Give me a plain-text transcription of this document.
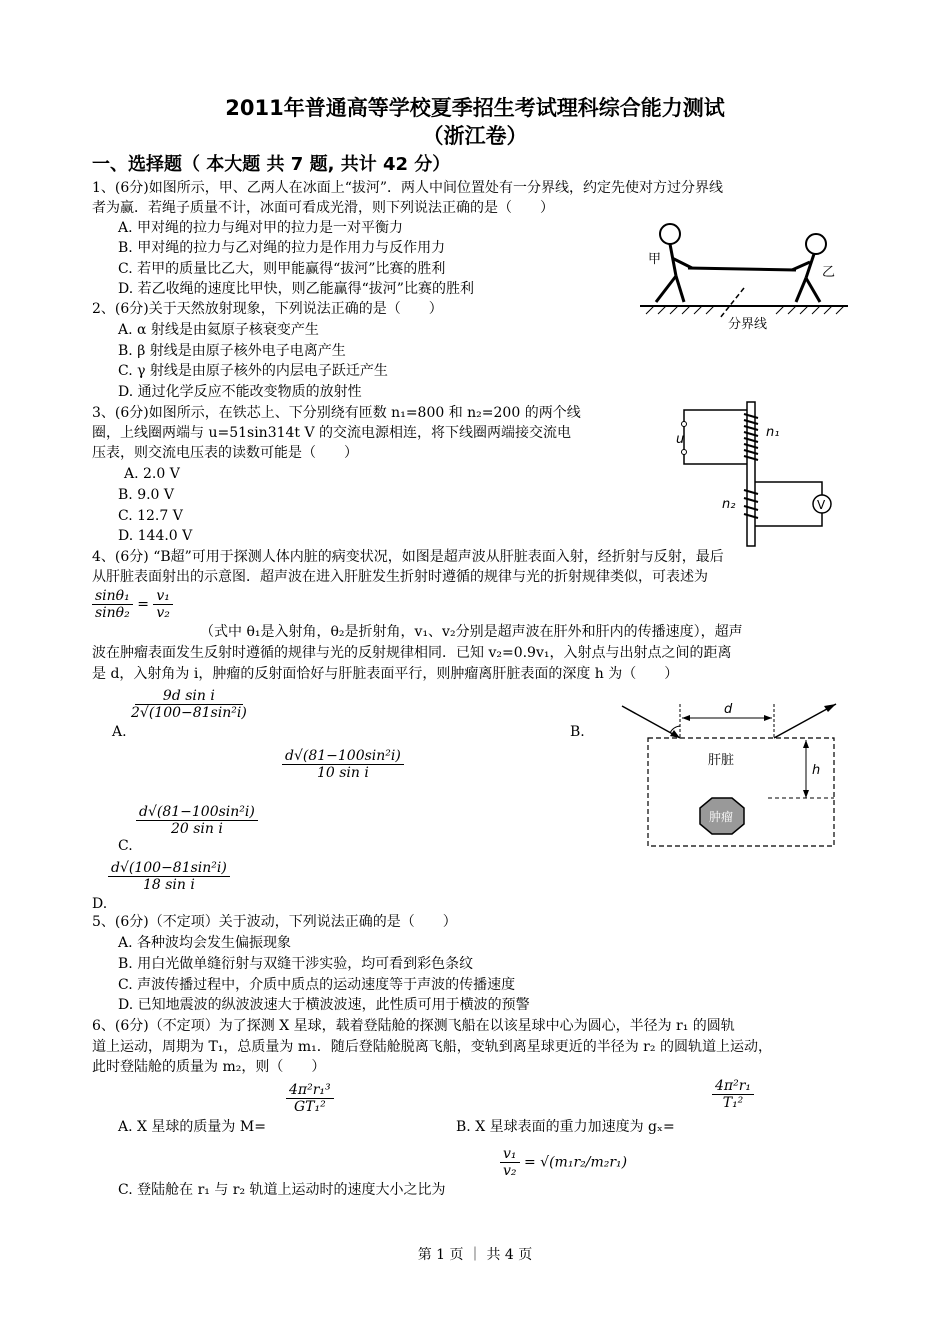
2011年普通高等学校夏季招生考试理科综合能力测试
（浙江卷）
一、选择题（ 本大题 共 7 题, 共计 42 分）
1、(6分)如图所示，甲、乙两人在冰面上“拔河”．两人中间位置处有一分界线，约定先使对方过分界线
者为赢．若绳子质量不计，冰面可看成光滑，则下列说法正确的是（　　）
A. 甲对绳的拉力与绳对甲的拉力是一对平衡力
B. 甲对绳的拉力与乙对绳的拉力是作用力与反作用力
C. 若甲的质量比乙大，则甲能赢得“拔河”比赛的胜利
D. 若乙收绳的速度比甲快，则乙能赢得“拔河”比赛的胜利
甲
乙
分界线
2、(6分)关于天然放射现象，下列说法正确的是（　　）
A. α 射线是由氦原子核衰变产生
B. β 射线是由原子核外电子电离产生
C. γ 射线是由原子核外的内层电子跃迁产生
D. 通过化学反应不能改变物质的放射性
3、(6分)如图所示，在铁芯上、下分别绕有匝数 n₁=800 和 n₂=200 的两个线
圈，上线圈两端与 u=51sin314t V 的交流电源相连，将下线圈两端接交流电
压表，则交流电压表的读数可能是（　　）
A. 2.0 V
B. 9.0 V
C. 12.7 V
D. 144.0 V
u	n₁
n₂	V
4、(6分) “B超”可用于探测人体内脏的病变状况，如图是超声波从肝脏表面入射，经折射与反射，最后
从肝脏表面射出的示意图．超声波在进入肝脏发生折射时遵循的规律与光的折射规律类似，可表述为
$\frac{\text{sinθ₁}}{\text{sinθ₂}} = \frac{\text{v₁}}{\text{v₂}}$
（式中 θ₁是入射角，θ₂是折射角，v₁、v₂分别是超声波在肝外和肝内的传播速度），超声
波在肿瘤表面发生反射时遵循的规律与光的反射规律相同．已知 v₂=0.9v₁，入射点与出射点之间的距离
是 d，入射角为 i，肿瘤的反射面恰好与肝脏表面平行，则肿瘤离肝脏表面的深度 h 为（　　）
A.
$\frac{\text{9d sin i}}{\text{2√(100−81sin²i)}}$
B.
$\frac{\text{d√(81−100sin²i)}}{\text{10 sin i}}$
C.
$\frac{\text{d√(81−100sin²i)}}{\text{20 sin i}}$
D.
$\frac{\text{d√(100−81sin²i)}}{\text{18 sin i}}$
d
h
肝脏
肿瘤
5、(6分)（不定项）关于波动，下列说法正确的是（　　）
A. 各种波均会发生偏振现象
B. 用白光做单缝衍射与双缝干涉实验，均可看到彩色条纹
C. 声波传播过程中，介质中质点的运动速度等于声波的传播速度
D. 已知地震波的纵波波速大于横波波速，此性质可用于横波的预警
6、(6分)（不定项）为了探测 X 星球，载着登陆舱的探测飞船在以该星球中心为圆心，半径为 r₁ 的圆轨
道上运动，周期为 T₁，总质量为 m₁．随后登陆舱脱离飞船，变轨到离星球更近的半径为 r₂ 的圆轨道上运动，
此时登陆舱的质量为 m₂，则（　　）
A. X 星球的质量为 M=
$\frac{\text{4π²r₁³}}{\text{GT₁²}}$
B. X 星球表面的重力加速度为 gₓ=
$\frac{\text{4π²r₁}}{\text{T₁²}}$
C. 登陆舱在 r₁ 与 r₂ 轨道上运动时的速度大小之比为
$\frac{\text{v₁}}{\text{v₂}} = √(m_1r_2/m_2r_1)$
第 1 页 ｜ 共 4 页
